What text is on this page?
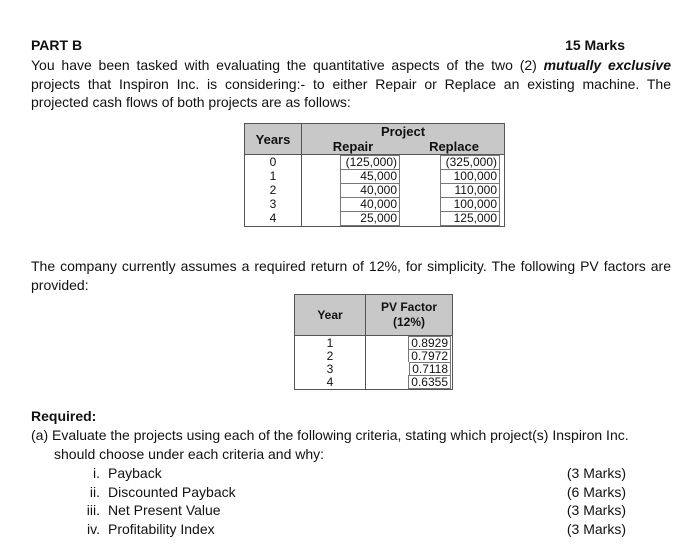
PART B	15 Marks
You have been tasked with evaluating the quantitative aspects of the two (2) mutually exclusive projects that Inspiron Inc. is considering:- to either Repair or Replace an existing machine. The projected cash flows of both projects are as follows:
Years	Project	
	Repair	Replace
0	(125,000)	(325,000)
1	45,000	100,000
2	40,000	110,000
3	40,000	100,000
4	25,000	125,000
The company currently assumes a required return of 12%, for simplicity. The following PV factors are provided:
Year	PV Factor
(12%)

1	0.8929
2	0.7972
3	0.7118
4	0.6355
Required:
(a) Evaluate the projects using each of the following criteria, stating which project(s) Inspiron Inc.
should choose under each criteria and why:
i. Payback	(3 Marks)
ii. Discounted Payback	(6 Marks)
iii. Net Present Value	(3 Marks)
iv. Profitability Index	(3 Marks)
